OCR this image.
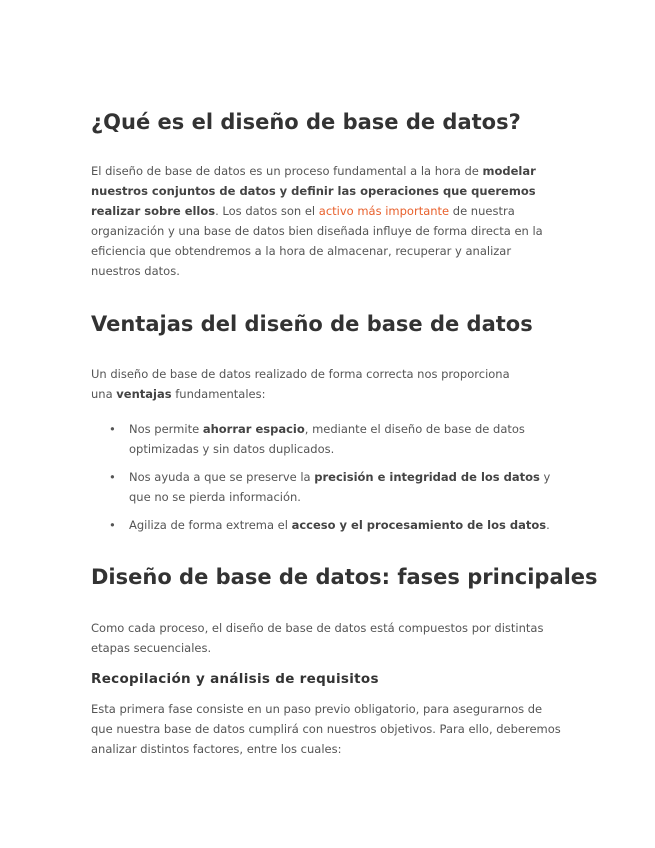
¿Qué es el diseño de base de datos?

El diseño de base de datos es un proceso fundamental a la hora de modelar nuestros conjuntos de datos y definir las operaciones que queremos realizar sobre ellos. Los datos son el activo más importante de nuestra organización y una base de datos bien diseñada influye de forma directa en la eficiencia que obtendremos a la hora de almacenar, recuperar y analizar nuestros datos.

Ventajas del diseño de base de datos

Un diseño de base de datos realizado de forma correcta nos proporciona una ventajas fundamentales:

• Nos permite ahorrar espacio, mediante el diseño de base de datos optimizadas y sin datos duplicados.
• Nos ayuda a que se preserve la precisión e integridad de los datos y que no se pierda información.
• Agiliza de forma extrema el acceso y el procesamiento de los datos.
Diseño de base de datos: fases principales

Como cada proceso, el diseño de base de datos está compuestos por distintas etapas secuenciales.

Recopilación y análisis de requisitos

Esta primera fase consiste en un paso previo obligatorio, para asegurarnos de que nuestra base de datos cumplirá con nuestros objetivos. Para ello, deberemos analizar distintos factores, entre los cuales:
